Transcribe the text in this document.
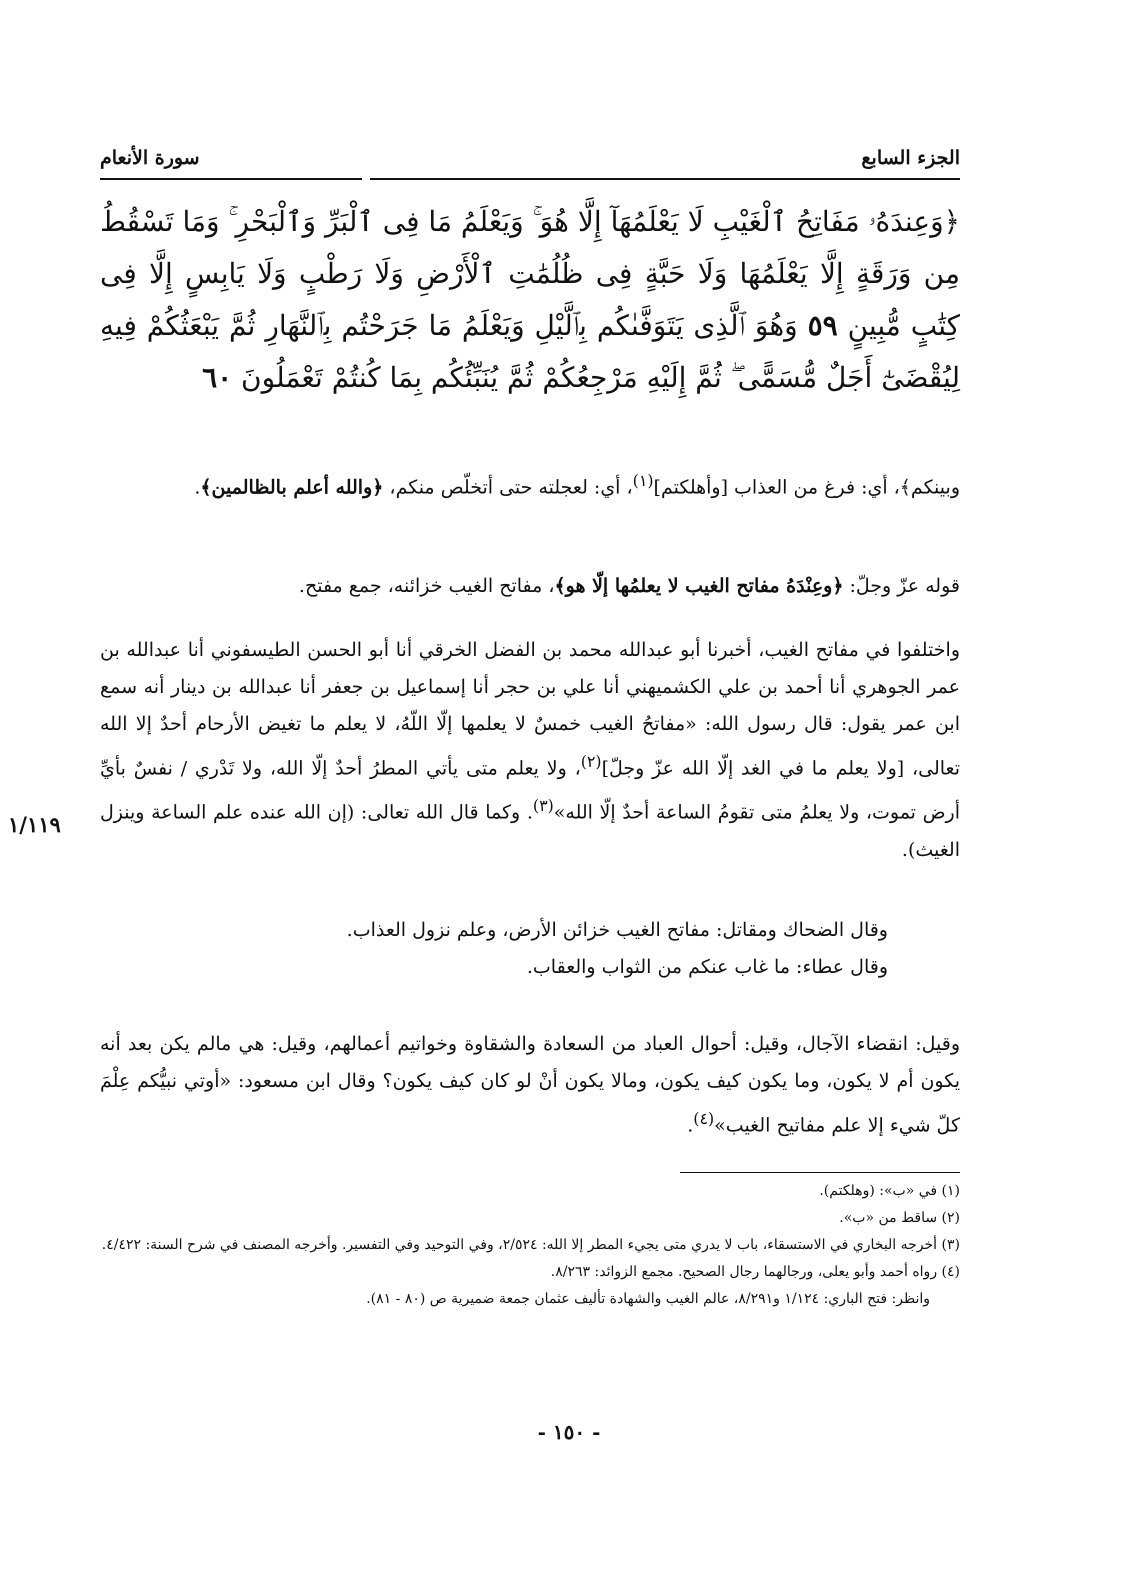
الجزء السابع
سورة الأنعام
﴿وَعِندَهُۥ مَفَاتِحُ ٱلْغَيْبِ لَا يَعْلَمُهَآ إِلَّا هُوَ ۚ وَيَعْلَمُ مَا فِى ٱلْبَرِّ وَٱلْبَحْرِ ۚ وَمَا تَسْقُطُ مِن وَرَقَةٍ إِلَّا يَعْلَمُهَا وَلَا حَبَّةٍ فِى ظُلُمَٰتِ ٱلْأَرْضِ وَلَا رَطْبٍ وَلَا يَابِسٍ إِلَّا فِى كِتَٰبٍ مُّبِينٍ ٥٩ وَهُوَ ٱلَّذِى يَتَوَفَّىٰكُم بِٱلَّيْلِ وَيَعْلَمُ مَا جَرَحْتُم بِٱلنَّهَارِ ثُمَّ يَبْعَثُكُمْ فِيهِ لِيُقْضَىٰٓ أَجَلٌ مُّسَمًّى ۖ ثُمَّ إِلَيْهِ مَرْجِعُكُمْ ثُمَّ يُنَبِّئُكُم بِمَا كُنتُمْ تَعْمَلُونَ ٦٠
وبينكم﴾، أي: فرغ من العذاب [وأهلكتم]$^{(١)}$، أي: لعجلته حتى أتخلّص منكم، ﴿والله أعلم بالظالمين﴾.
قوله عزّ وجلّ: ﴿وعِنْدَهُ مفاتح الغيب لا يعلمُها إلّا هو﴾، مفاتح الغيب خزائنه، جمع مفتح.
واختلفوا في مفاتح الغيب، أخبرنا أبو عبدالله محمد بن الفضل الخرقي أنا أبو الحسن الطيسفوني أنا عبدالله بن عمر الجوهري أنا أحمد بن علي الكشميهني أنا علي بن حجر أنا إسماعيل بن جعفر أنا عبدالله بن دينار أنه سمع ابن عمر يقول: قال رسول الله: «مفاتحُ الغيب خمسٌ لا يعلمها إلّا اللّهُ، لا يعلم ما تغيض الأرحام أحدٌ إلا الله تعالى، [ولا يعلم ما في الغد إلّا الله عزّ وجلّ]$^{(٢)}$، ولا يعلم متى يأتي المطرُ أحدٌ إلّا الله، ولا تَدْري / نفسٌ بأيِّ أرض تموت، ولا يعلمُ متى تقومُ الساعة أحدٌ إلّا الله»$^{(٣)}$. وكما قال الله تعالى: (إن الله عنده علم الساعة وينزل الغيث).
١/١١٩
وقال الضحاك ومقاتل: مفاتح الغيب خزائن الأرض، وعلم نزول العذاب.
وقال عطاء: ما غاب عنكم من الثواب والعقاب.
وقيل: انقضاء الآجال، وقيل: أحوال العباد من السعادة والشقاوة وخواتيم أعمالهم، وقيل: هي مالم يكن بعد أنه يكون أم لا يكون، وما يكون كيف يكون، ومالا يكون أنْ لو كان كيف يكون؟ وقال ابن مسعود: «أوتي نبيُّكم عِلْمَ كلّ شيء إلا علم مفاتيح الغيب»$^{(٤)}$.

(١) في «ب»: (وهلكتم).

(٢) ساقط من «ب».

(٣) أخرجه البخاري في الاستسقاء، باب لا يدري متى يجيء المطر إلا الله: ٢/٥٢٤، وفي التوحيد وفي التفسير. وأخرجه المصنف في شرح السنة: ٤/٤٢٢.

(٤) رواه أحمد وأبو يعلى، ورجالهما رجال الصحيح. مجمع الزوائد: ٨/٢٦٣.

وانظر: فتح الباري: ١/١٢٤ و٨/٢٩١، عالم الغيب والشهادة تأليف عثمان جمعة ضميرية ص (٨٠ - ٨١).

- ١٥٠ -
